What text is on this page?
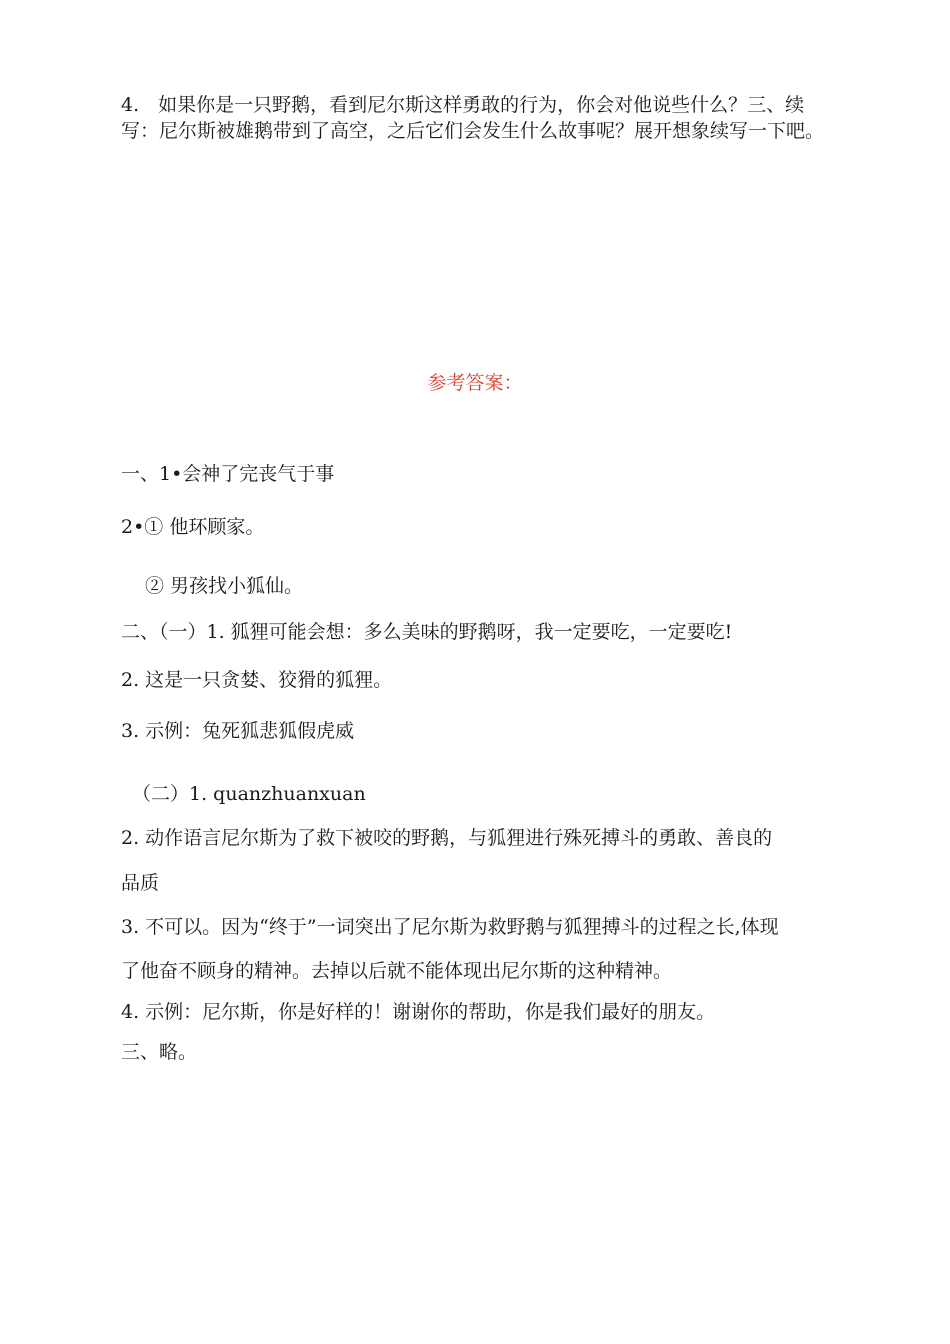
4.　如果你是一只野鹅，看到尼尔斯这样勇敢的行为，你会对他说些什么？三、续写：尼尔斯被雄鹅带到了高空，之后它们会发生什么故事呢？展开想象续写一下吧。
参考答案：
一、1•会神了完丧气于事
2•① 他环顾家。
② 男孩找小狐仙。
二、（一）1. 狐狸可能会想：多么美味的野鹅呀，我一定要吃，一定要吃!
2. 这是一只贪婪、狡猾的狐狸。
3. 示例：兔死狐悲狐假虎威
（二）1. quanzhuanxuan
2. 动作语言尼尔斯为了救下被咬的野鹅，与狐狸进行殊死搏斗的勇敢、善良的
品质
3. 不可以。因为“终于”一词突出了尼尔斯为救野鹅与狐狸搏斗的过程之长,体现
了他奋不顾身的精神。去掉以后就不能体现出尼尔斯的这种精神。
4. 示例：尼尔斯，你是好样的！谢谢你的帮助，你是我们最好的朋友。
三、略。
